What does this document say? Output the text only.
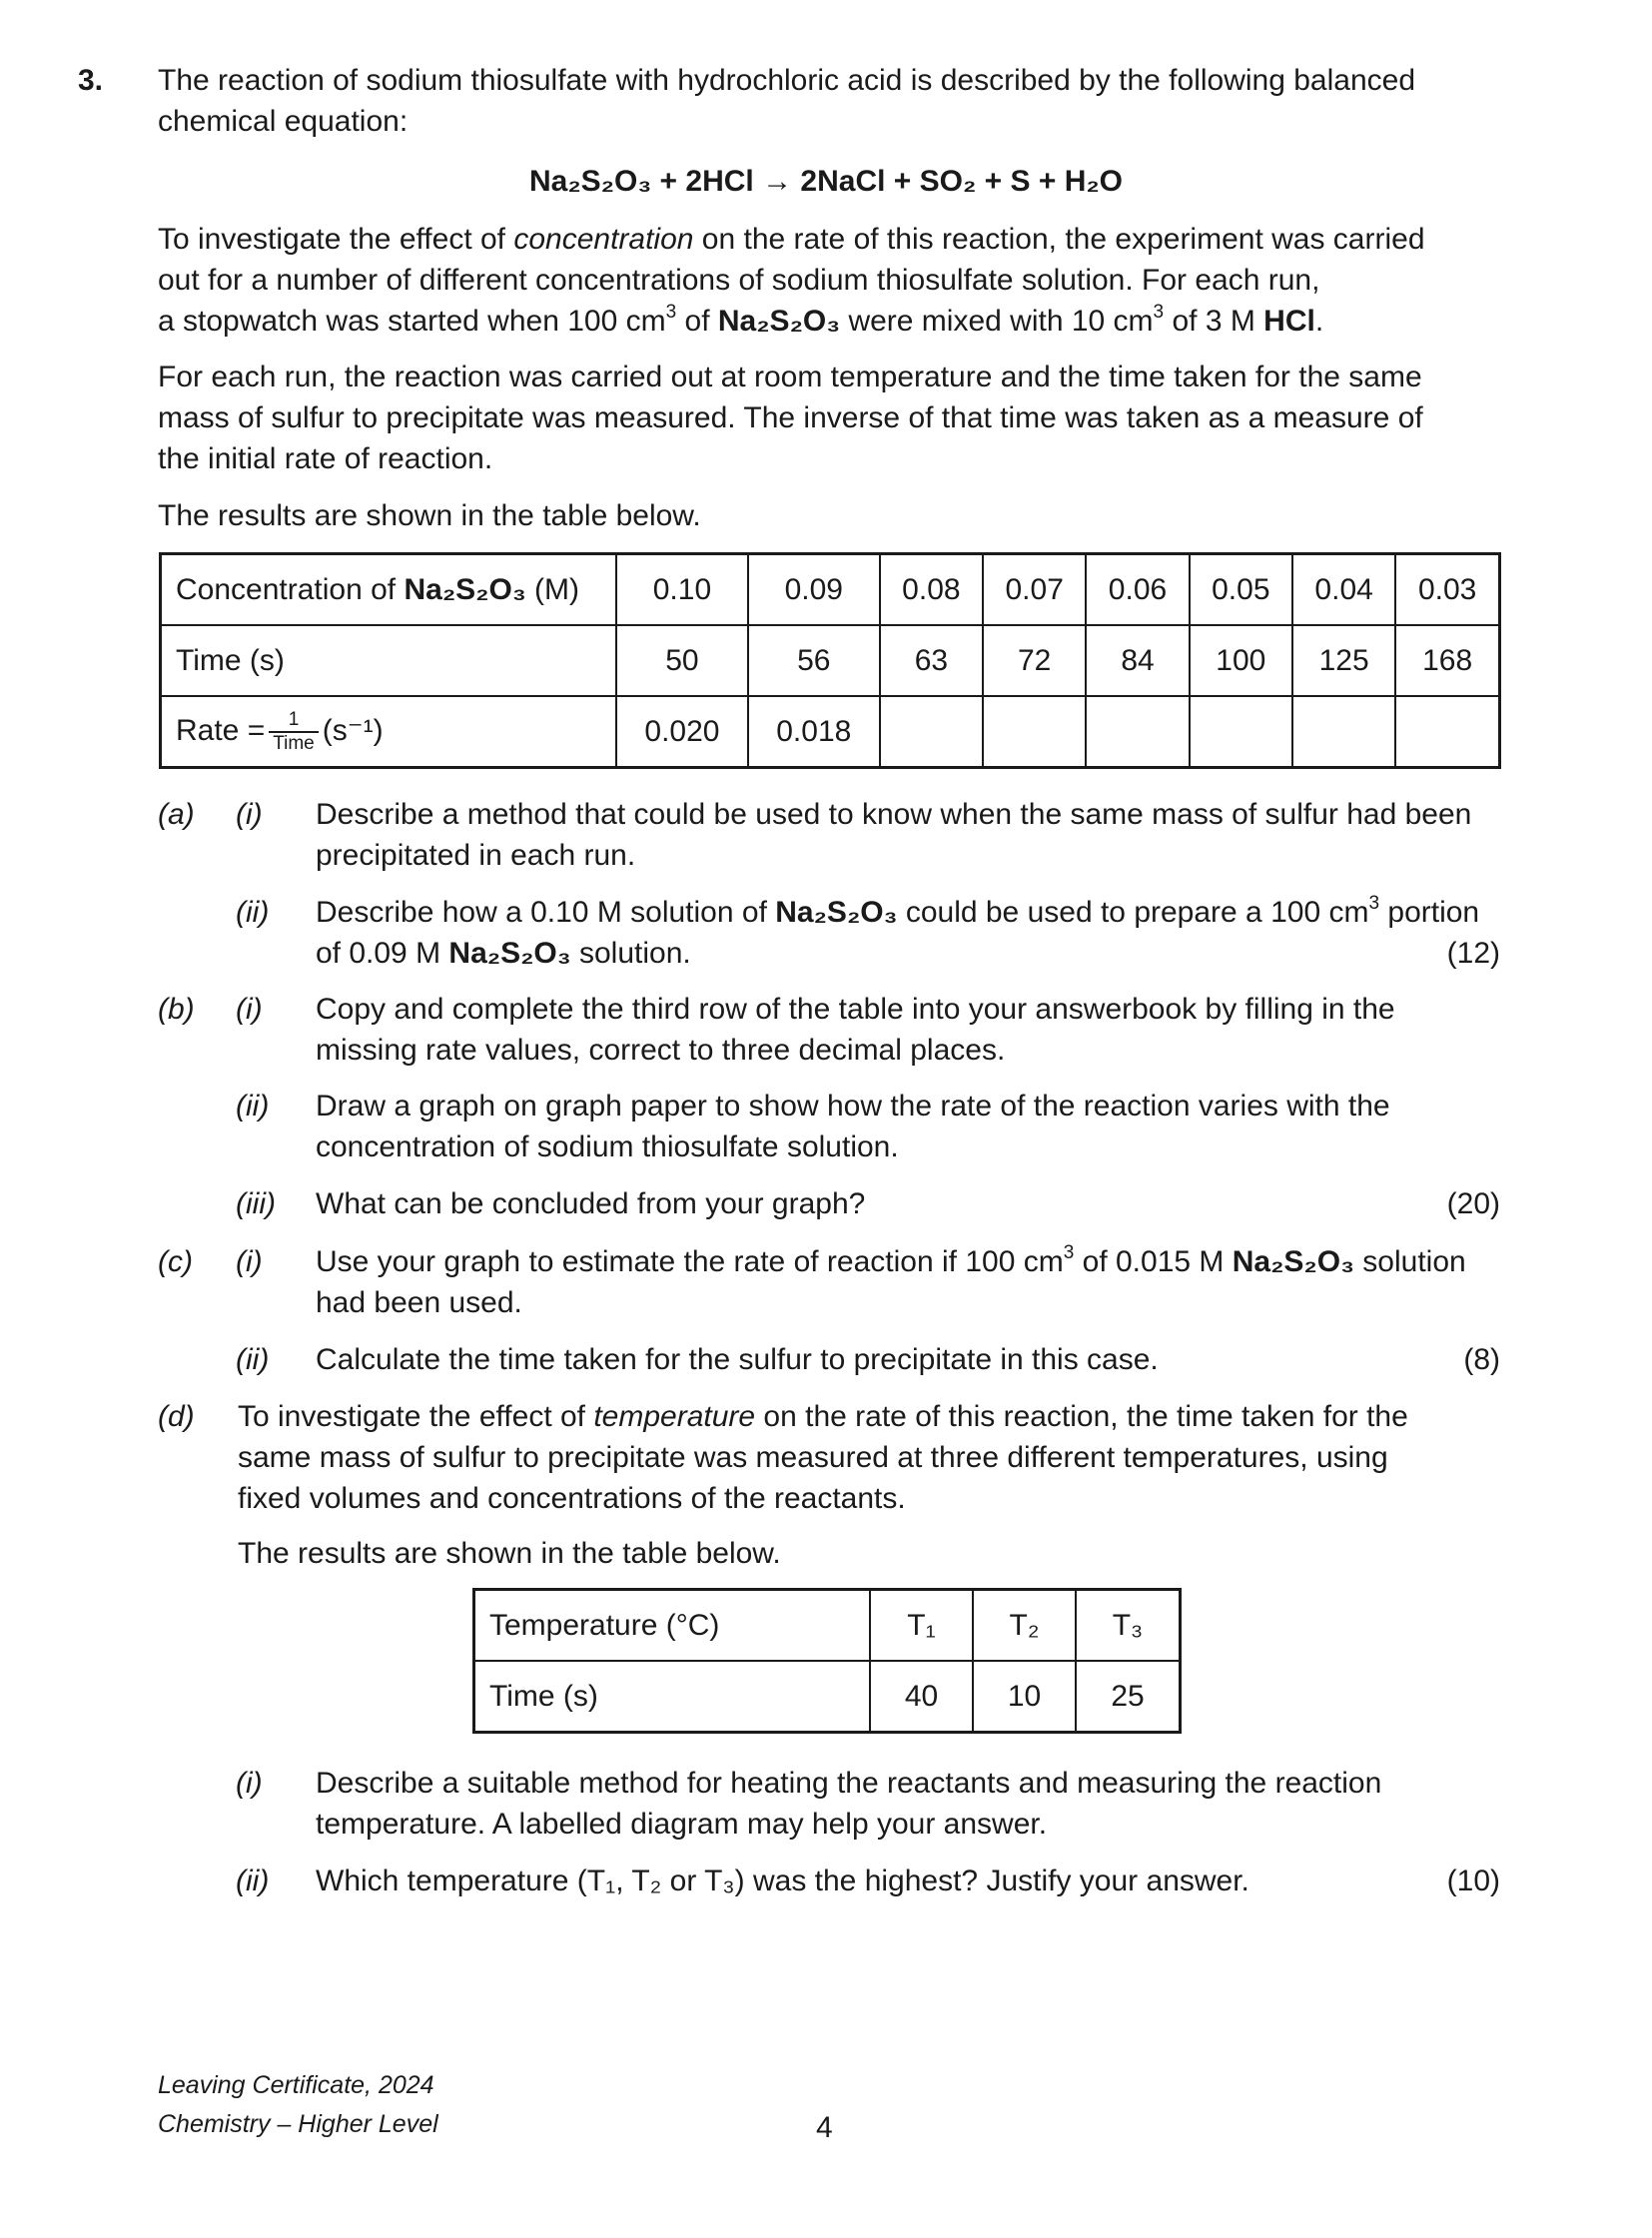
3. The reaction of sodium thiosulfate with hydrochloric acid is described by the following balanced
chemical equation:
Na₂S₂O₃ + 2HCl → 2NaCl + SO₂ + S + H₂O
To investigate the effect of concentration on the rate of this reaction, the experiment was carried
out for a number of different concentrations of sodium thiosulfate solution. For each run,
a stopwatch was started when 100 $cm^3$ of Na₂S₂O₃ were mixed with 10 $cm^3$ of 3 M HCl.
For each run, the reaction was carried out at room temperature and the time taken for the same
mass of sulfur to precipitate was measured. The inverse of that time was taken as a measure of
the initial rate of reaction.
The results are shown in the table below.
Concentration of Na₂S₂O₃ (M)	0.10	0.09	0.08	0.07	0.06	0.05	0.04	0.03
Time (s)	50	56	63	72	84	100	125	168
Rate = $\frac{1}{\text{Time}} (s^{-1})$	0.020	0.018						
(a) (i) Describe a method that could be used to know when the same mass of sulfur had been
precipitated in each run.
(ii) Describe how a 0.10 M solution of Na₂S₂O₃ could be used to prepare a 100 $cm^3$ portion
of 0.09 M Na₂S₂O₃ solution.	(12)
(b) (i) Copy and complete the third row of the table into your answerbook by filling in the
missing rate values, correct to three decimal places.
(ii) Draw a graph on graph paper to show how the rate of the reaction varies with the
concentration of sodium thiosulfate solution.
(iii) What can be concluded from your graph?	(20)
(c) (i) Use your graph to estimate the rate of reaction if 100 $cm^3$ of 0.015 M Na₂S₂O₃ solution
had been used.
(ii) Calculate the time taken for the sulfur to precipitate in this case.	(8)
(d) To investigate the effect of temperature on the rate of this reaction, the time taken for the
same mass of sulfur to precipitate was measured at three different temperatures, using
fixed volumes and concentrations of the reactants.
The results are shown in the table below.
Temperature (°C)	T₁	T₂	T₃
Time (s)	40	10	25
(i) Describe a suitable method for heating the reactants and measuring the reaction
temperature. A labelled diagram may help your answer.
(ii) Which temperature (T₁, T₂ or T₃) was the highest? Justify your answer.	(10)
Leaving Certificate, 2024
Chemistry – Higher Level	4
